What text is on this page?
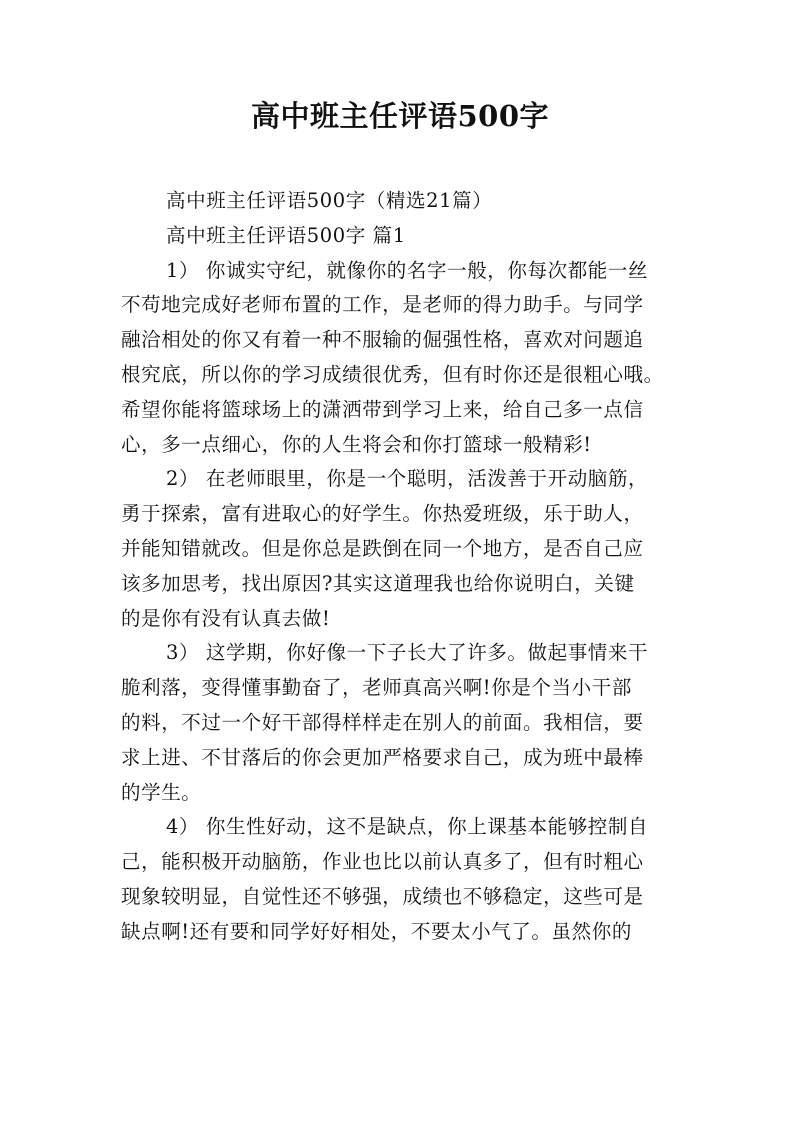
高中班主任评语500字
高中班主任评语500字（精选21篇）
高中班主任评语500字 篇1
1） 你诚实守纪，就像你的名字一般，你每次都能一丝
不苟地完成好老师布置的工作，是老师的得力助手。与同学
融洽相处的你又有着一种不服输的倔强性格，喜欢对问题追
根究底，所以你的学习成绩很优秀，但有时你还是很粗心哦。
希望你能将篮球场上的潇洒带到学习上来，给自己多一点信
心，多一点细心，你的人生将会和你打篮球一般精彩!
2） 在老师眼里，你是一个聪明，活泼善于开动脑筋，
勇于探索，富有进取心的好学生。你热爱班级，乐于助人，
并能知错就改。但是你总是跌倒在同一个地方，是否自己应
该多加思考，找出原因?其实这道理我也给你说明白，关键
的是你有没有认真去做!
3） 这学期，你好像一下子长大了许多。做起事情来干
脆利落，变得懂事勤奋了，老师真高兴啊!你是个当小干部
的料，不过一个好干部得样样走在别人的前面。我相信，要
求上进、不甘落后的你会更加严格要求自己，成为班中最棒
的学生。
4） 你生性好动，这不是缺点，你上课基本能够控制自
己，能积极开动脑筋，作业也比以前认真多了，但有时粗心
现象较明显，自觉性还不够强，成绩也不够稳定，这些可是
缺点啊!还有要和同学好好相处，不要太小气了。虽然你的
